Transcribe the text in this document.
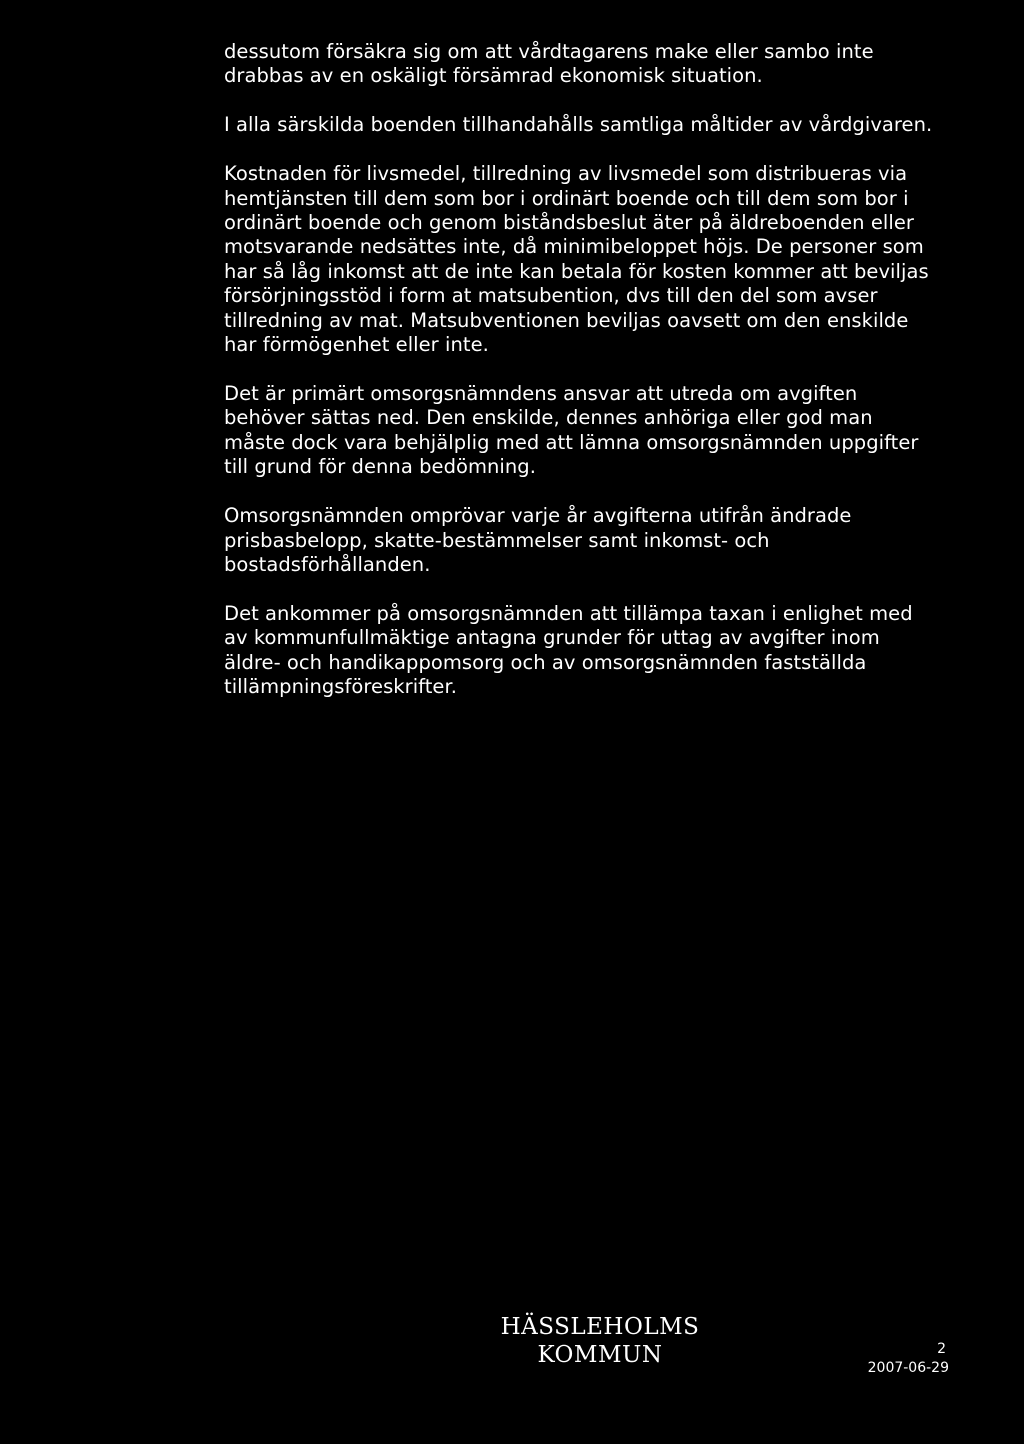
dessutom försäkra sig om att vårdtagarens make eller sambo inte drabbas av en oskäligt försämrad ekonomisk situation.

I alla särskilda boenden tillhandahålls samtliga måltider av vårdgivaren.

Kostnaden för livsmedel, tillredning av livsmedel som distribueras via hemtjänsten till dem som bor i ordinärt boende och till dem som bor i ordinärt boende och genom biståndsbeslut äter på äldreboenden eller motsvarande nedsättes inte, då minimibeloppet höjs. De personer som har så låg inkomst att de inte kan betala för kosten kommer att beviljas försörjningsstöd i form at matsubention, dvs till den del som avser tillredning av mat. Matsubventionen beviljas oavsett om den enskilde har förmögenhet eller inte.

Det är primärt omsorgsnämndens ansvar att utreda om avgiften behöver sättas ned. Den enskilde, dennes anhöriga eller god man måste dock vara behjälplig med att lämna omsorgsnämnden uppgifter till grund för denna bedömning.

Omsorgsnämnden omprövar varje år avgifterna utifrån ändrade prisbasbelopp, skatte-bestämmelser samt inkomst- och bostadsförhållanden.

Det ankommer på omsorgsnämnden att tillämpa taxan i enlighet med av kommunfullmäktige antagna grunder för uttag av avgifter inom äldre- och handikappomsorg och av omsorgsnämnden fastställda tillämpningsföreskrifter.

HÄSSLEHOLMS
KOMMUN	2
2007-06-29
